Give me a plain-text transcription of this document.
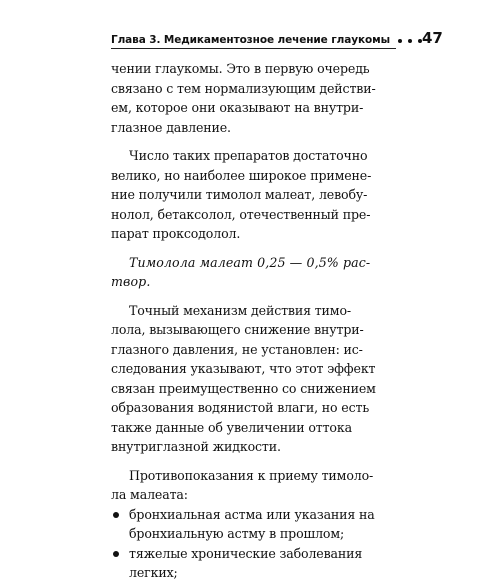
Глава 3. Медикаментозное лечение глаукомы 47
чении глаукомы. Это в первую очередь
связано с тем нормализующим действи-
ем, которое они оказывают на внутри-
глазное давление.
Число таких препаратов достаточно
велико, но наиболее широкое примене-
ние получили тимолол малеат, левобу-
нолол, бетаксолол, отечественный пре-
парат проксодолол.
Тимолола малеат 0,25 — 0,5% рас-
твор.
Точный механизм действия тимо-
лола, вызывающего снижение внутри-
глазного давления, не установлен: ис-
следования указывают, что этот эффект
связан преимущественно со снижением
образования водянистой влаги, но есть
также данные об увеличении оттока
внутриглазной жидкости.
Противопоказания к приему тимоло-
ла малеата:
бронхиальная астма или указания на
бронхиальную астму в прошлом;
тяжелые хронические заболевания
легких;
